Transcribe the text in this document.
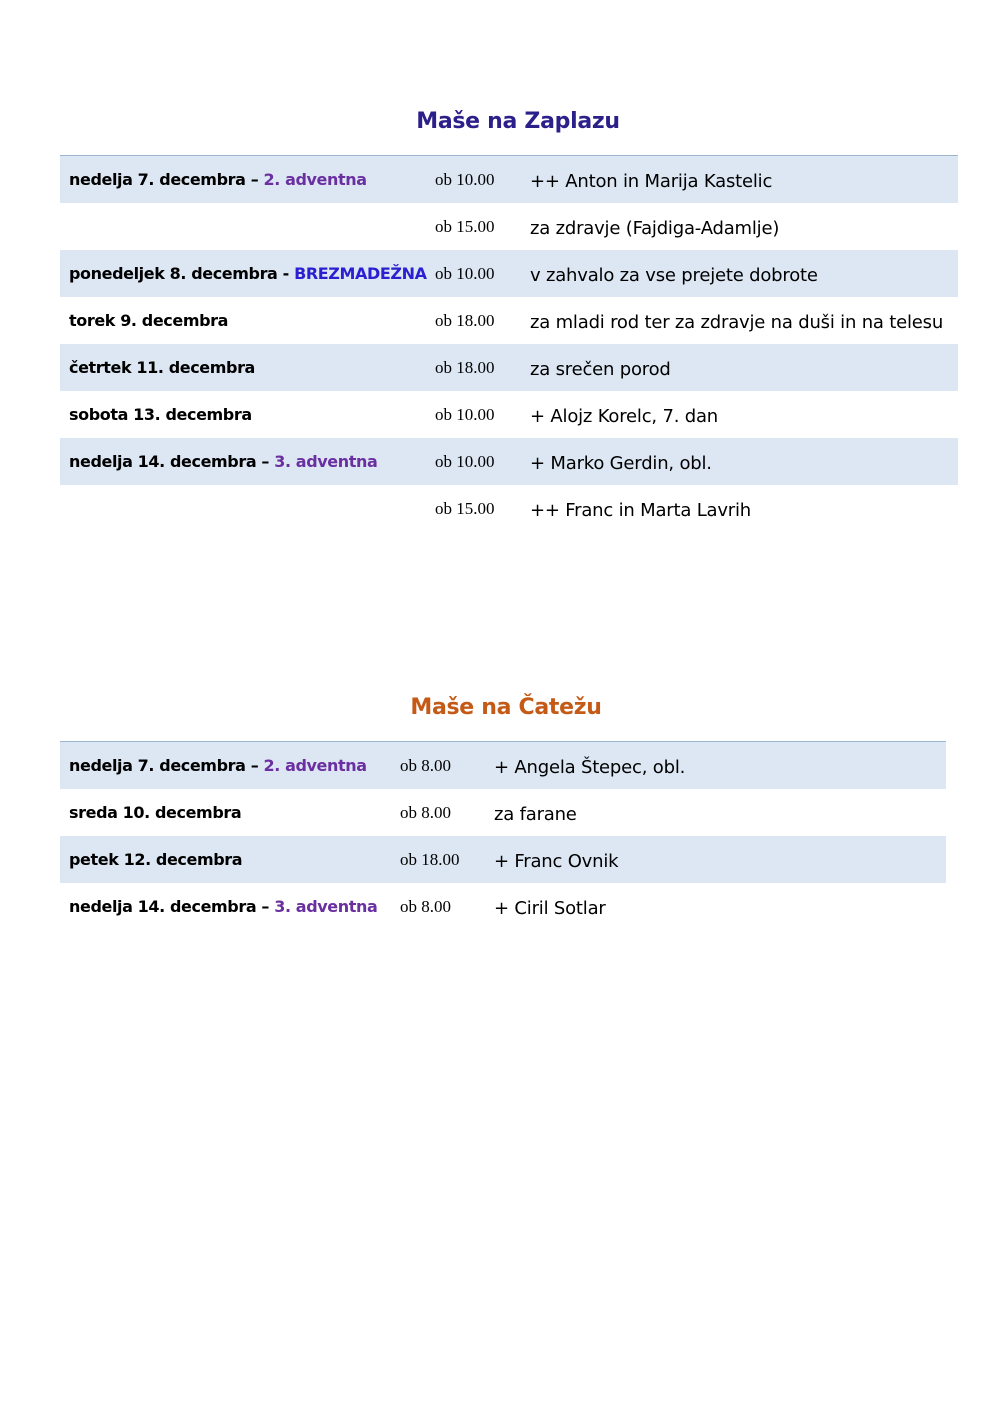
Maše na Zaplazu
nedelja 7. decembra – 2. adventna	ob 10.00 ++ Anton in Marija Kastelic
ob 15.00 za zdravje (Fajdiga-Adamlje)
ponedeljek 8. decembra - BREZMADEŽNA ob 10.00 v zahvalo za vse prejete dobrote
torek 9. decembra	ob 18.00 za mladi rod ter za zdravje na duši in na telesu
četrtek 11. decembra	ob 18.00 za srečen porod
sobota 13. decembra	ob 10.00 + Alojz Korelc, 7. dan
nedelja 14. decembra – 3. adventna	ob 10.00 + Marko Gerdin, obl.
ob 15.00 ++ Franc in Marta Lavrih
Maše na Čatežu
nedelja 7. decembra – 2. adventna ob 8.00 + Angela Štepec, obl.
sreda 10. decembra	ob 8.00 za farane
petek 12. decembra	ob 18.00 + Franc Ovnik
nedelja 14. decembra – 3. adventna ob 8.00 + Ciril Sotlar
